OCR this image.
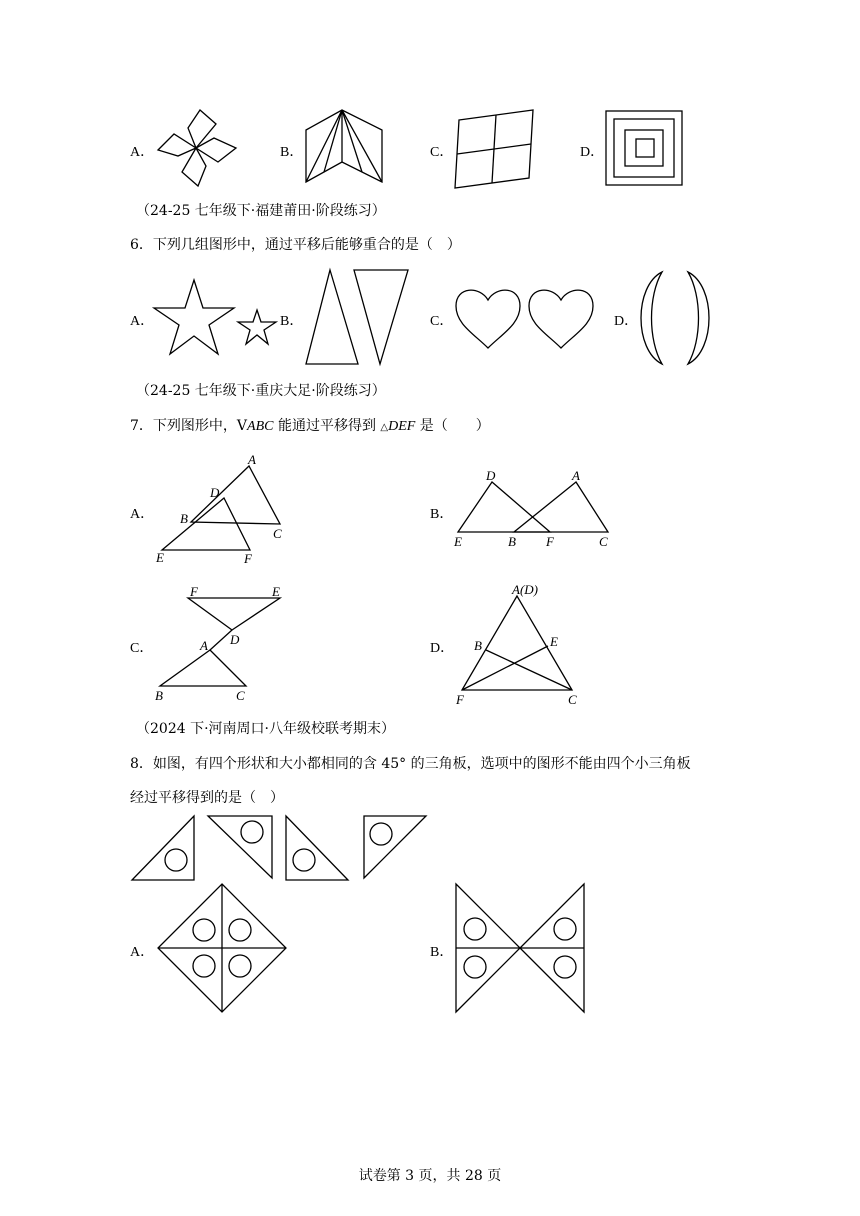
A．	B．	C．	D．
（24-25 七年级下·福建莆田·阶段练习）
6．下列几组图形中，通过平移后能够重合的是（　）
A．	B．	C．	D．
（24-25 七年级下·重庆大足·阶段练习）
7．下列图形中，VABC 能通过平移得到 △DEF 是（　　）
A．
A
D
B
C
E	F
B．
D	A
E	B F	C
C．
F	E
A D
B	C
D．
A(D)
B	E
F	C
（2024 下·河南周口·八年级校联考期末）
8．如图，有四个形状和大小都相同的含 45° 的三角板，选项中的图形不能由四个小三角板
经过平移得到的是（　）
A．	B．
试卷第 3 页，共 28 页
